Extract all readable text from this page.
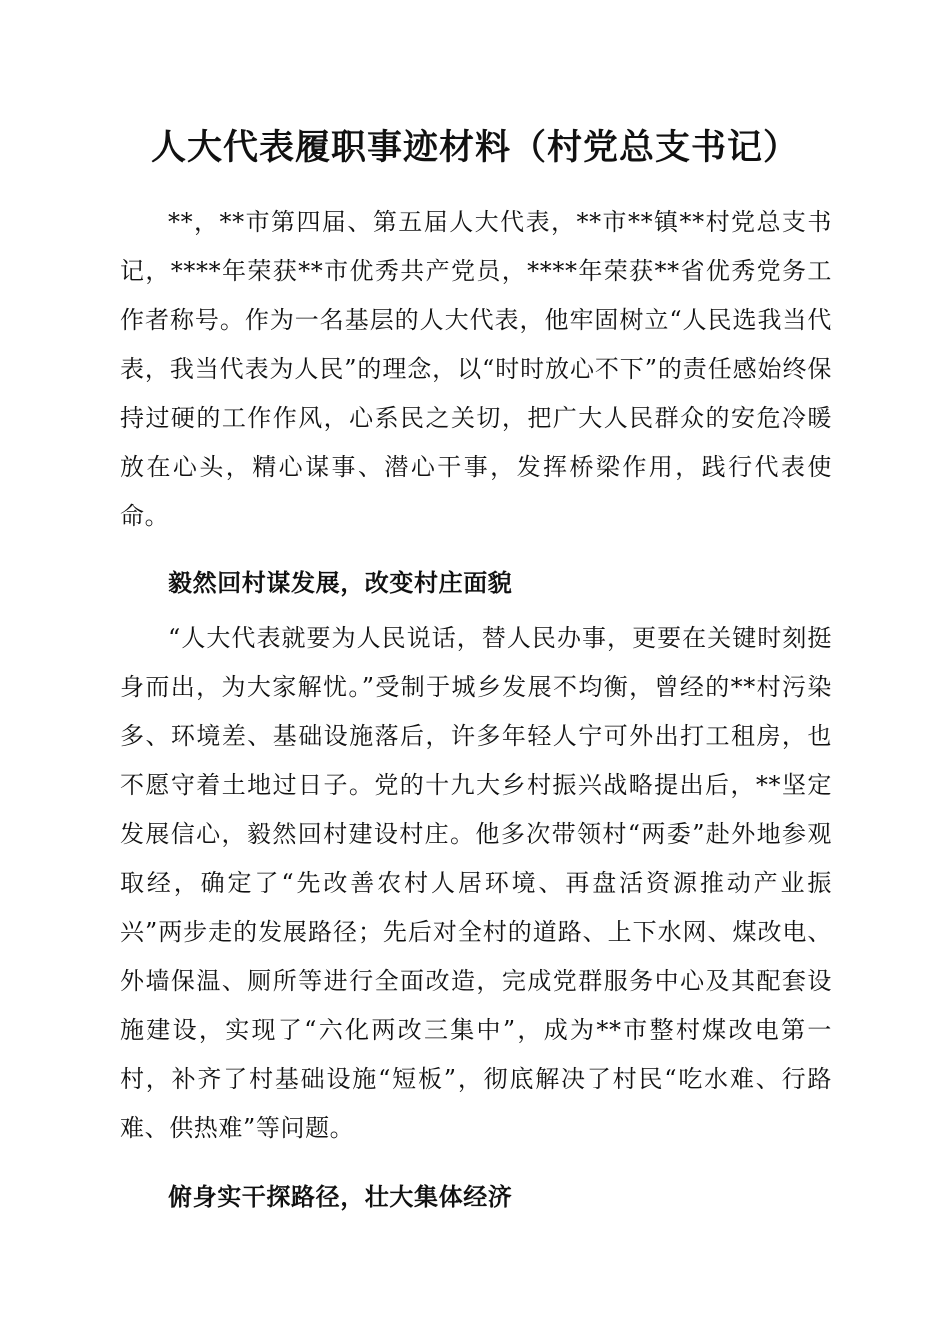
人大代表履职事迹材料（村党总支书记）

**，**市第四届、第五届人大代表，**市**镇**村党总支书记，****年荣获**市优秀共产党员，****年荣获**省优秀党务工作者称号。作为一名基层的人大代表，他牢固树立“人民选我当代表，我当代表为人民”的理念，以“时时放心不下”的责任感始终保持过硬的工作作风，心系民之关切，把广大人民群众的安危冷暖放在心头，精心谋事、潜心干事，发挥桥梁作用，践行代表使命。

毅然回村谋发展，改变村庄面貌

“人大代表就要为人民说话，替人民办事，更要在关键时刻挺身而出，为大家解忧。”受制于城乡发展不均衡，曾经的**村污染多、环境差、基础设施落后，许多年轻人宁可外出打工租房，也不愿守着土地过日子。党的十九大乡村振兴战略提出后，**坚定发展信心，毅然回村建设村庄。他多次带领村“两委”赴外地参观取经，确定了“先改善农村人居环境、再盘活资源推动产业振兴”两步走的发展路径；先后对全村的道路、上下水网、煤改电、外墙保温、厕所等进行全面改造，完成党群服务中心及其配套设施建设，实现了“六化两改三集中”，成为**市整村煤改电第一村，补齐了村基础设施“短板”，彻底解决了村民“吃水难、行路难、供热难”等问题。

俯身实干探路径，壮大集体经济
